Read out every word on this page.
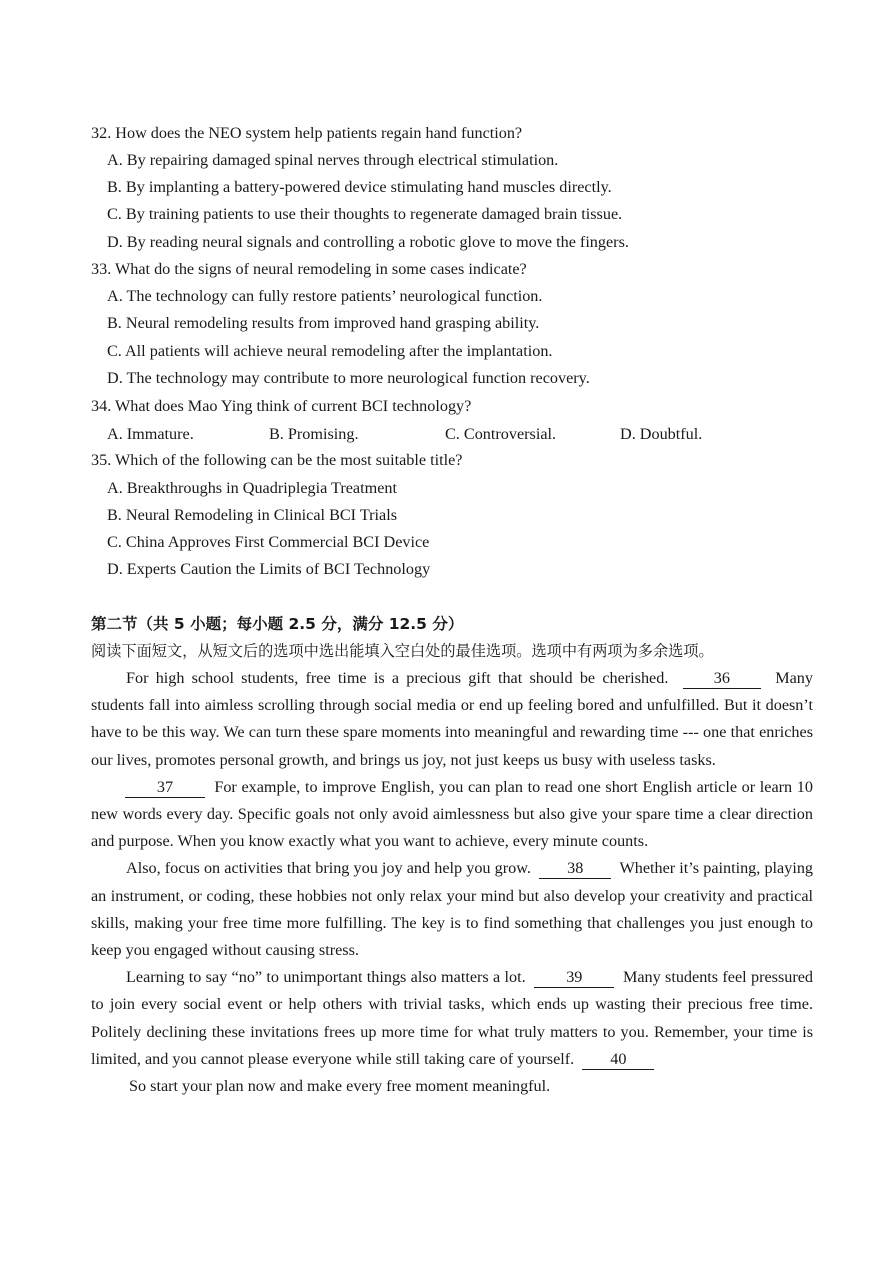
32. How does the NEO system help patients regain hand function?
A. By repairing damaged spinal nerves through electrical stimulation.
B. By implanting a battery-powered device stimulating hand muscles directly.
C. By training patients to use their thoughts to regenerate damaged brain tissue.
D. By reading neural signals and controlling a robotic glove to move the fingers.
33. What do the signs of neural remodeling in some cases indicate?
A. The technology can fully restore patients’ neurological function.
B. Neural remodeling results from improved hand grasping ability.
C. All patients will achieve neural remodeling after the implantation.
D. The technology may contribute to more neurological function recovery.
34. What does Mao Ying think of current BCI technology?
A. Immature.	B. Promising.	C. Controversial.	D. Doubtful.
35. Which of the following can be the most suitable title?
A. Breakthroughs in Quadriplegia Treatment
B. Neural Remodeling in Clinical BCI Trials
C. China Approves First Commercial BCI Device
D. Experts Caution the Limits of BCI Technology
第二节（共 5 小题；每小题 2.5 分，满分 12.5 分）
阅读下面短文，从短文后的选项中选出能填入空白处的最佳选项。选项中有两项为多余选项。

For high school students, free time is a precious gift that should be cherished.	36	Many students fall into aimless scrolling through social media or end up feeling bored and unfulfilled. But it doesn’t have to be this way. We can turn these spare moments into meaningful and rewarding time --- one that enriches our lives, promotes personal growth, and brings us joy, not just keeps us busy with useless tasks.

37	For example, to improve English, you can plan to read one short English article or learn 10 new words every day. Specific goals not only avoid aimlessness but also give your spare time a clear direction and purpose. When you know exactly what you want to achieve, every minute counts.

Also, focus on activities that bring you joy and help you grow. 38 Whether it’s painting, playing an instrument, or coding, these hobbies not only relax your mind but also develop your creativity and practical skills, making your free time more fulfilling. The key is to find something that challenges you just enough to keep you engaged without causing stress.

Learning to say “no” to unimportant things also matters a lot.	39	Many students feel pressured to join every social event or help others with trivial tasks, which ends up wasting their precious free time. Politely declining these invitations frees up more time for what truly matters to you. Remember, your time is limited, and you cannot please everyone while still taking care of yourself. 40

So start your plan now and make every free moment meaningful.
